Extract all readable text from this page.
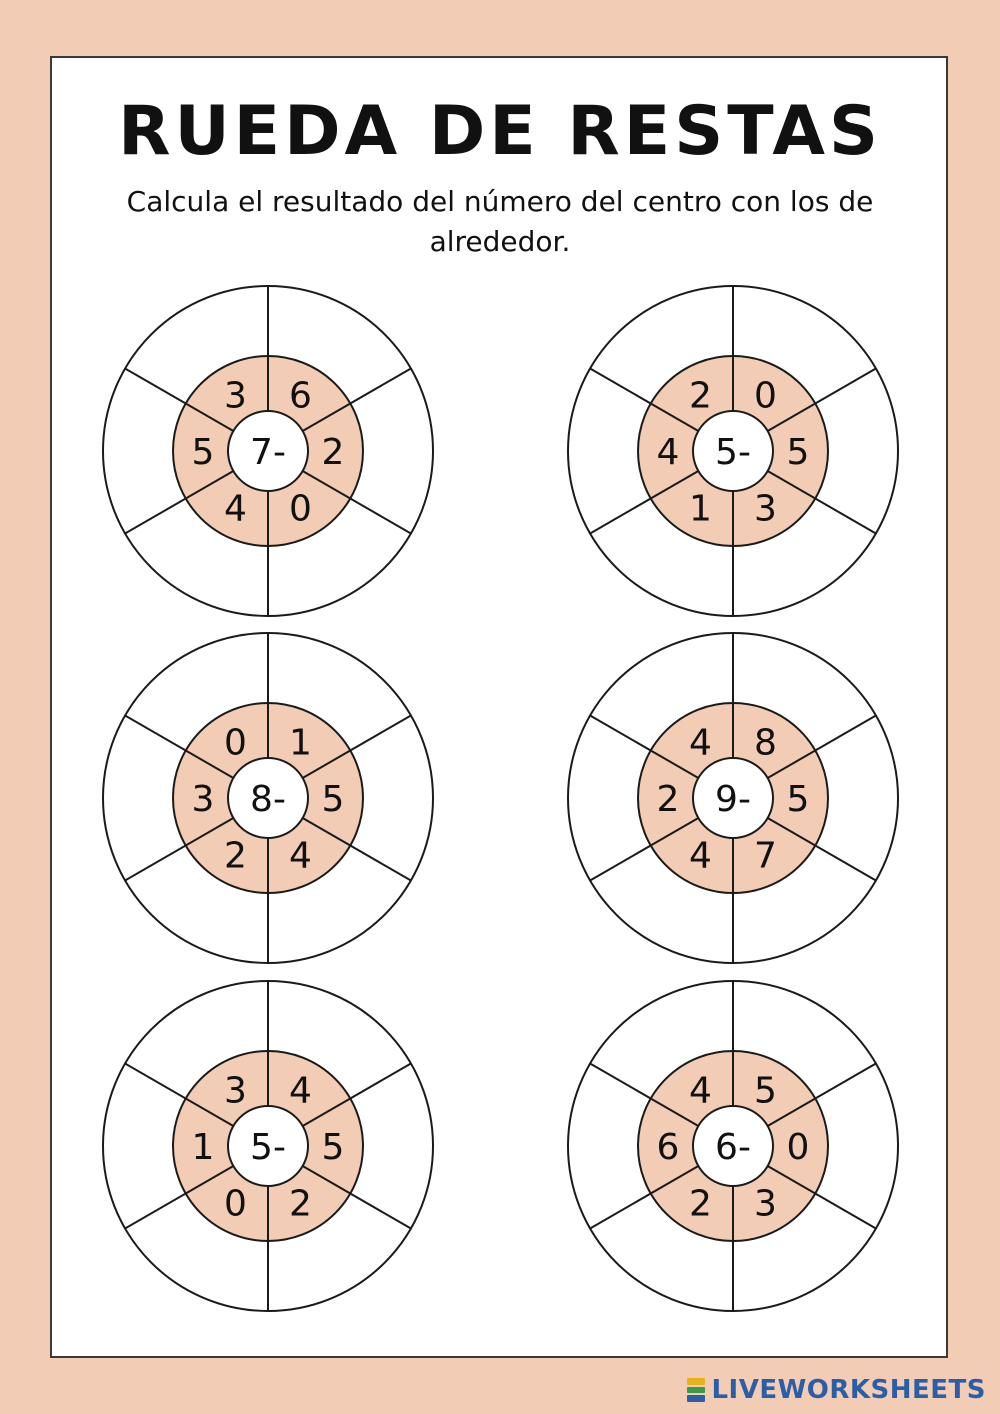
RUEDA DE RESTAS
Calcula el resultado del número del centro con los de alrededor.
7-
6
2
0
4
5
3
5-
0
5
3
1
4
2
8-
1
5
4
2
3
0
9-
8
5
7
4
2
4
5-
4
5
2
0
1
3
6-
5
0
3
2
6
4
LIVEWORKSHEETS
